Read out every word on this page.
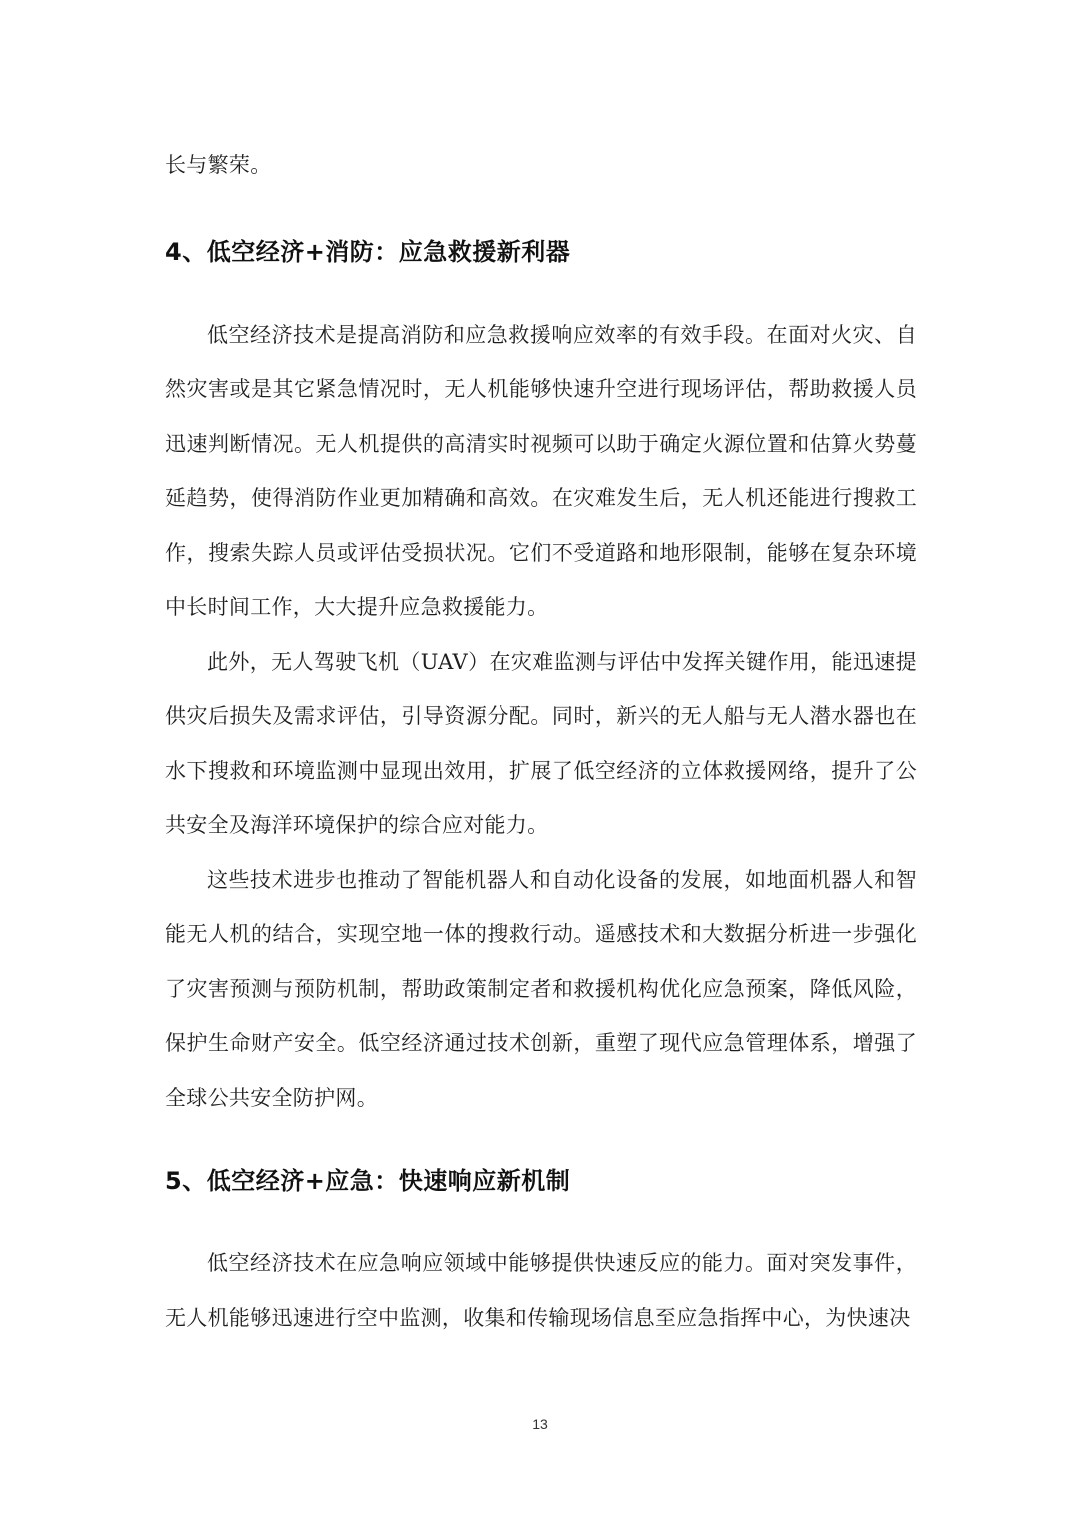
长与繁荣。

4、低空经济+消防：应急救援新利器

低空经济技术是提高消防和应急救援响应效率的有效手段。在面对火灾、自然灾害或是其它紧急情况时，无人机能够快速升空进行现场评估，帮助救援人员迅速判断情况。无人机提供的高清实时视频可以助于确定火源位置和估算火势蔓延趋势，使得消防作业更加精确和高效。在灾难发生后，无人机还能进行搜救工作，搜索失踪人员或评估受损状况。它们不受道路和地形限制，能够在复杂环境中长时间工作，大大提升应急救援能力。

此外，无人驾驶飞机（UAV）在灾难监测与评估中发挥关键作用，能迅速提供灾后损失及需求评估，引导资源分配。同时，新兴的无人船与无人潜水器也在水下搜救和环境监测中显现出效用，扩展了低空经济的立体救援网络，提升了公共安全及海洋环境保护的综合应对能力。

这些技术进步也推动了智能机器人和自动化设备的发展，如地面机器人和智能无人机的结合，实现空地一体的搜救行动。遥感技术和大数据分析进一步强化了灾害预测与预防机制，帮助政策制定者和救援机构优化应急预案，降低风险，保护生命财产安全。低空经济通过技术创新，重塑了现代应急管理体系，增强了全球公共安全防护网。

5、低空经济+应急：快速响应新机制

低空经济技术在应急响应领域中能够提供快速反应的能力。面对突发事件，无人机能够迅速进行空中监测，收集和传输现场信息至应急指挥中心，为快速决

13
